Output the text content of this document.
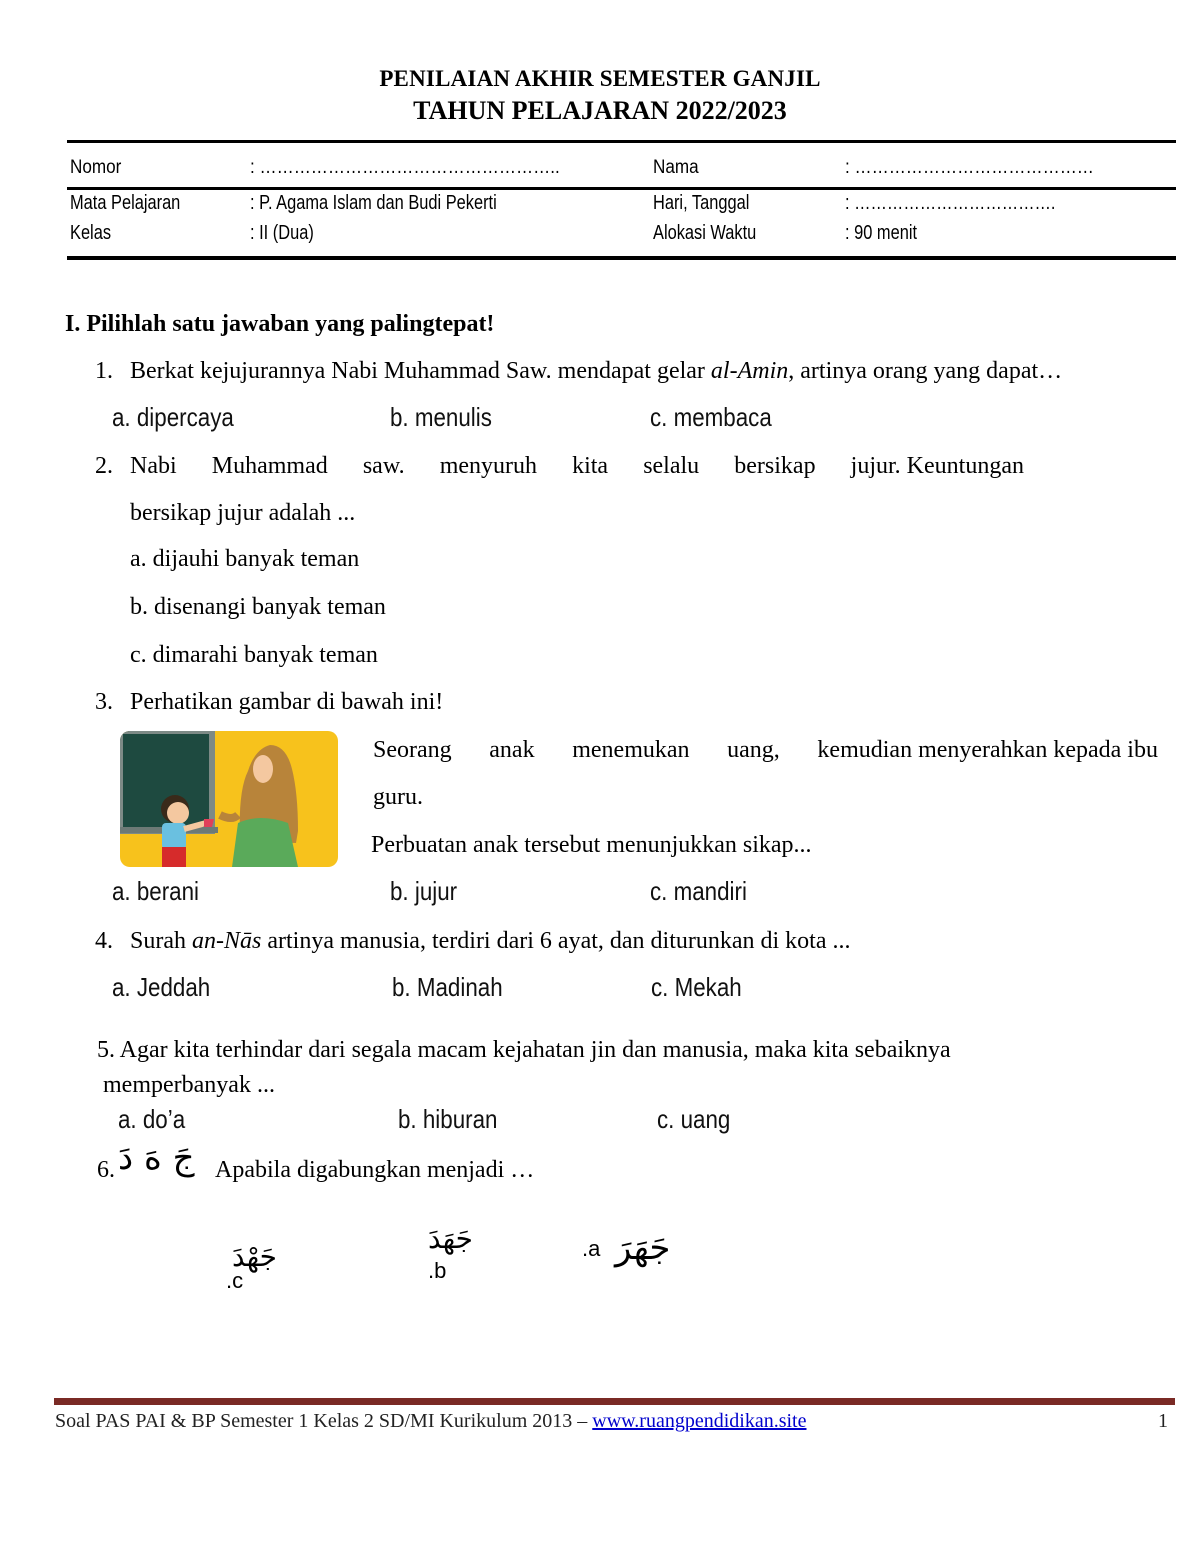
PENILAIAN AKHIR SEMESTER GANJIL
TAHUN PELAJARAN 2022/2023
Nomor	: ……………………………………………..	Nama	: ……………………………………
Mata Pelajaran	: P. Agama Islam dan Budi Pekerti	Hari, Tanggal	: ……………………………….
Kelas	: II (Dua)	Alokasi Waktu	: 90 menit
I. Pilihlah satu jawaban yang palingtepat!
1. Berkat kejujurannya Nabi Muhammad Saw. mendapat gelar al-Amin, artinya orang yang dapat…
a. dipercaya	b. menulis	c. membaca
2. Nabi Muhammad saw. menyuruh kita selalu bersikap jujur. Keuntungan
bersikap jujur adalah ...
a. dijauhi banyak teman
b. disenangi banyak teman
c. dimarahi banyak teman
3. Perhatikan gambar di bawah ini!
Seorang anak menemukan uang, kemudian menyerahkan kepada ibu
guru.
Perbuatan anak tersebut menunjukkan sikap...
a. berani	b. jujur	c. mandiri
4. Surah an-Nās artinya manusia, terdiri dari 6 ayat, dan diturunkan di kota ...
a. Jeddah	b. Madinah	c. Mekah
5. Agar kita terhindar dari segala macam kejahatan jin dan manusia, maka kita sebaiknya
memperbanyak ...
a. do’a	b. hiburan	c. uang
6. جَ هَ دَ Apabila digabungkan menjadi …
جَهْدَ
.c
جَهَدَ
.b
.a جَهَرَ
Soal PAS PAI & BP Semester 1 Kelas 2 SD/MI Kurikulum 2013 – www.ruangpendidikan.site	1
